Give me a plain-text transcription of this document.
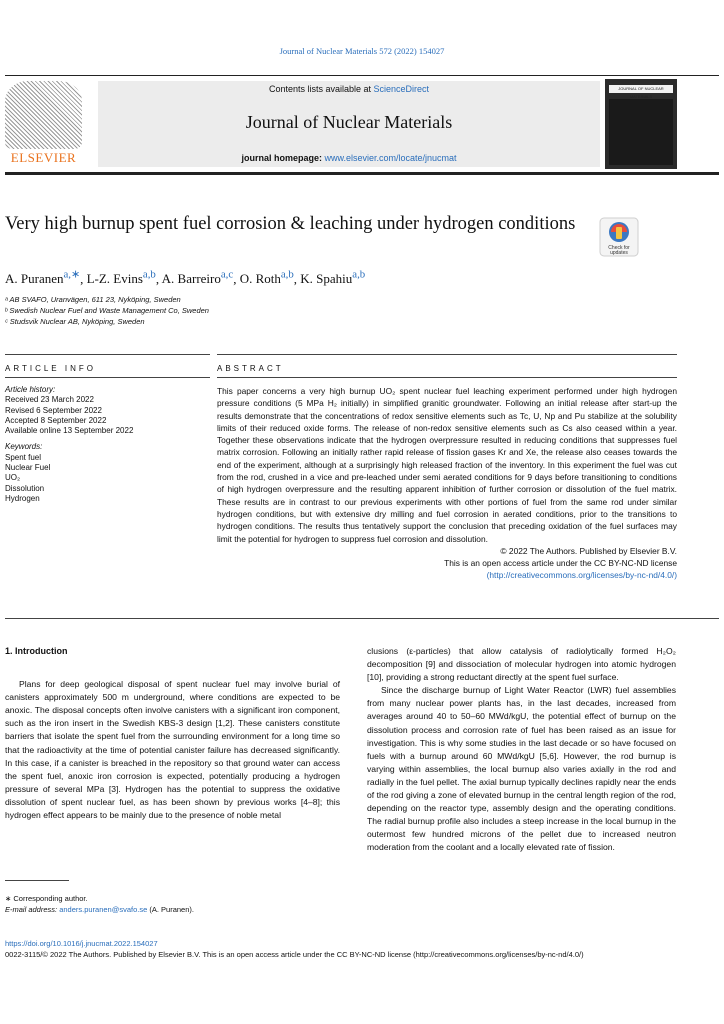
Journal of Nuclear Materials 572 (2022) 154027
ELSEVIER
Contents lists available at ScienceDirect
Journal of Nuclear Materials
journal homepage: www.elsevier.com/locate/jnucmat
JOURNAL OF NUCLEAR MATERIALS
Very high burnup spent fuel corrosion & leaching under hydrogen conditions
Check for
updates
A. Puranen$^{a,∗}$, L-Z. Evins$^{a,b}$, A. Barreiro$^{a,c}$, O. Roth$^{a,b}$, K. Spahiu$^{a,b}$
ᵃ AB SVAFO, Uranvägen, 611 23, Nyköping, Sweden
ᵇ Swedish Nuclear Fuel and Waste Management Co, Sweden
ᶜ Studsvik Nuclear AB, Nyköping, Sweden
ARTICLE INFO	ABSTRACT
Article history:
Received 23 March 2022
Revised 6 September 2022
Accepted 8 September 2022
Available online 13 September 2022
Keywords:
Spent fuel
Nuclear Fuel
UO₂
Dissolution
Hydrogen
This paper concerns a very high burnup UO₂ spent nuclear fuel leaching experiment performed under high hydrogen pressure conditions (5 MPa H₂ initially) in simplified granitic groundwater. Following an initial release after start-up the results demonstrate that the concentrations of redox sensitive elements such as Tc, U, Np and Pu stabilize at the solubility limits of their reduced oxide forms. The release of non-redox sensitive elements such as Cs also ceased within a year. Together these observations indicate that the hydrogen overpressure resulted in reducing conditions that suppresses fuel matrix corrosion. Following an initially rather rapid release of fission gases Kr and Xe, the release also ceases towards the end of the experiment, although at a surprisingly high released fraction of the inventory. In this experiment the fuel was cut from the rod, crushed in a vice and pre-leached under semi aerated conditions for 9 days before transitioning to conditions of high hydrogen overpressure and the resulting apparent inhibition of further corrosion or dissolution of the fuel matrix. These results are in contrast to our previous experiments with other portions of fuel from the same rod under similar hydrogen conditions, but with extensive dry milling and fuel corrosion in aerated conditions, prior to the transitions to hydrogen conditions. The results thus tentatively support the conclusion that preceding oxidation of the fuel surfaces may limit the potential for hydrogen to suppress fuel corrosion and dissolution.
© 2022 The Authors. Published by Elsevier B.V.
This is an open access article under the CC BY-NC-ND license
(http://creativecommons.org/licenses/by-nc-nd/4.0/)
1. Introduction

Plans for deep geological disposal of spent nuclear fuel may involve burial of canisters approximately 500 m underground, where conditions are expected to be anoxic. The disposal concepts often involve canisters with a significant iron component, such as the iron insert in the Swedish KBS-3 design [1,2]. These canisters constitute barriers that isolate the spent fuel from the surrounding environment for a long time so that the radioactivity at the time of potential canister failure has decreased significantly. In this case, if a canister is breached in the repository so that ground water can access the spent fuel, anoxic iron corrosion is expected, potentially producing a hydrogen pressure of several MPa [3]. Hydrogen has the potential to suppress the oxidative dissolution of spent nuclear fuel, as has been shown by previous works [4–8]; this hydrogen effect appears to be mainly due to the presence of noble metal

clusions (ε-particles) that allow catalysis of radiolytically formed H₂O₂ decomposition [9] and dissociation of molecular hydrogen into atomic hydrogen [10], providing a strong reductant directly at the spent fuel surface.

Since the discharge burnup of Light Water Reactor (LWR) fuel assemblies from many nuclear power plants has, in the last decades, increased from averages around 40 to 50–60 MWd/kgU, the potential effect of burnup on the dissolution process and corrosion rate of fuel has been raised as an issue for investigation. This is why some studies in the last decade or so have focused on fuels with a burnup around 60 MWd/kgU [5,6]. However, the rod burnup is varying within assemblies, the local burnup also varies axially in the rod and radially in the fuel pellet. The axial burnup typically declines rapidly near the ends of the rod giving a zone of elevated burnup in the central length region of the rod, depending on the reactor type, assembly design and the operating conditions. The radial burnup profile also includes a steep increase in the local burnup in the outermost few hundred microns of the pellet due to increased neutron moderation from the coolant and a locally elevated rate of fission.

∗ Corresponding author.
E-mail address: anders.puranen@svafo.se (A. Puranen).
https://doi.org/10.1016/j.jnucmat.2022.154027
0022-3115/© 2022 The Authors. Published by Elsevier B.V. This is an open access article under the CC BY-NC-ND license (http://creativecommons.org/licenses/by-nc-nd/4.0/)
